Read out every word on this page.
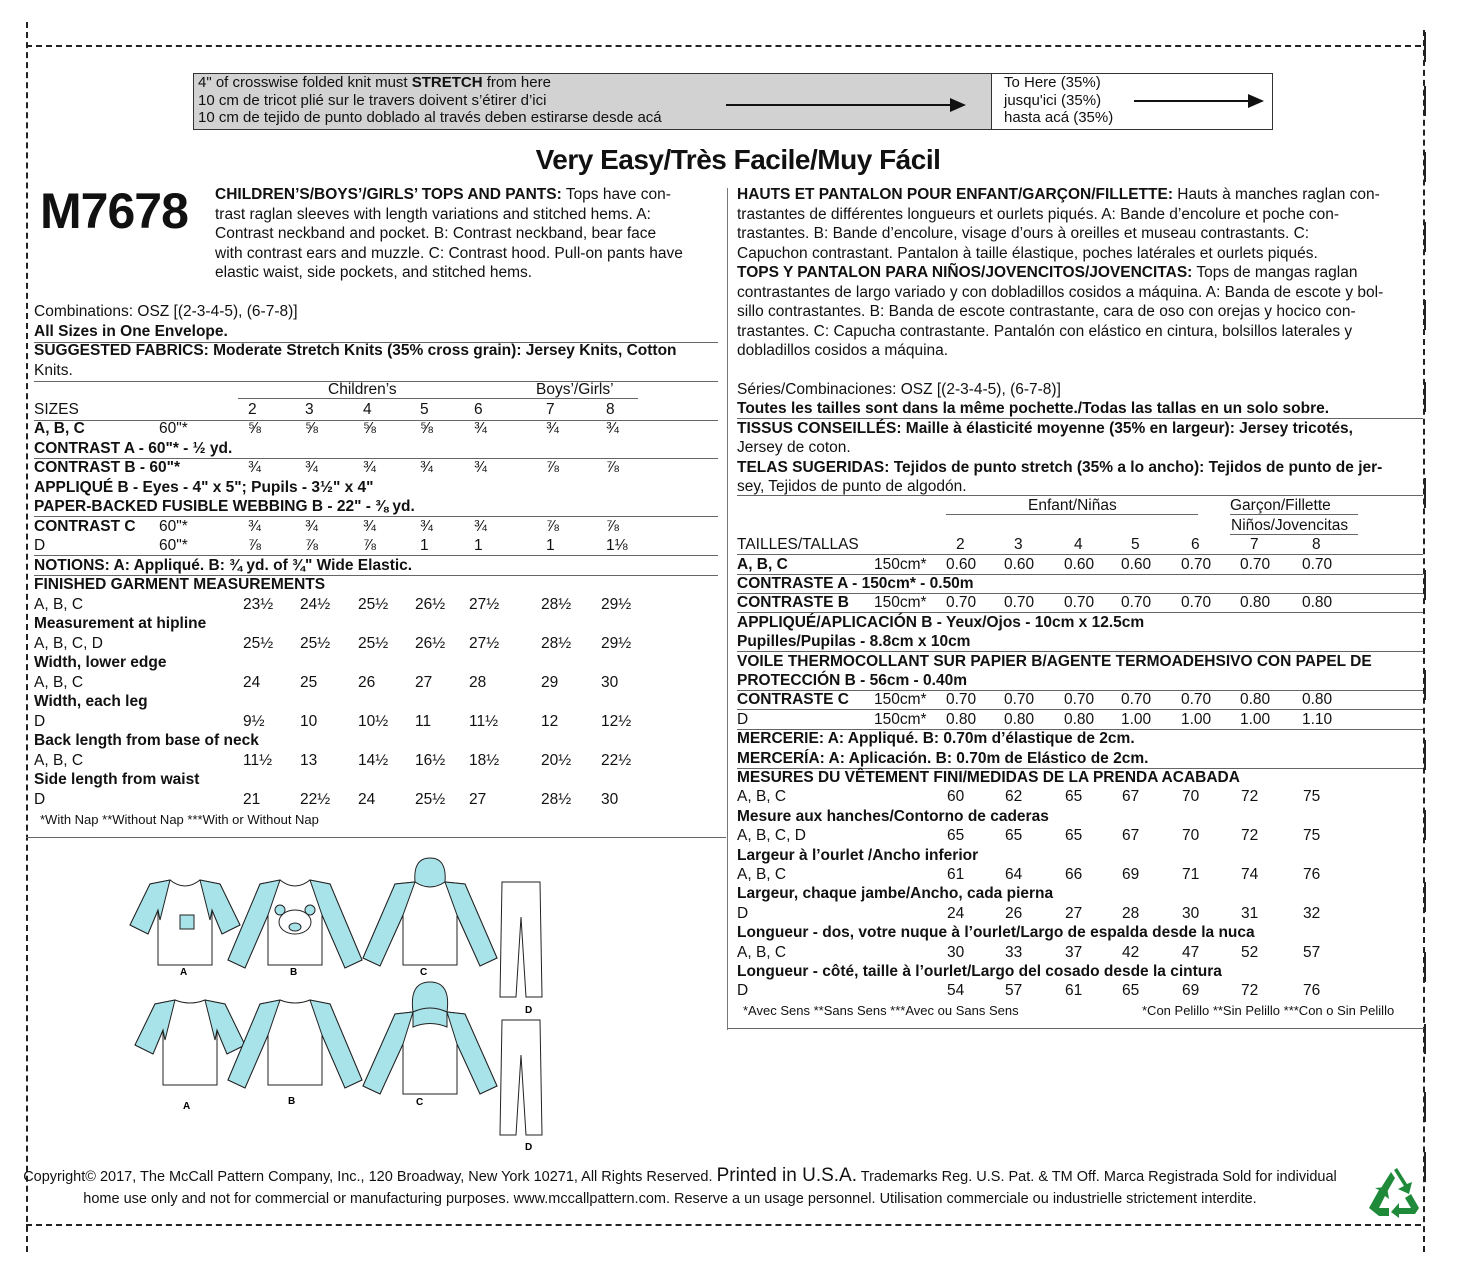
4" of crosswise folded knit must STRETCH from here
10 cm de tricot plié sur le travers doivent s’étirer d’ici
10 cm de tejido de punto doblado al través deben estirarse desde acá
To Here (35%)
jusqu'ici (35%)
hasta acá (35%)
Very Easy/Très Facile/Muy Fácil
M7678 CHILDREN’S/BOYS’/GIRLS’ TOPS AND PANTS: Tops have con-
trast raglan sleeves with length variations and stitched hems. A:
Contrast neckband and pocket. B: Contrast neckband, bear face
with contrast ears and muzzle. C: Contrast hood. Pull-on pants have
elastic waist, side pockets, and stitched hems.
Combinations: OSZ [(2-3-4-5), (6-7-8)]
All Sizes in One Envelope.
SUGGESTED FABRICS: Moderate Stretch Knits (35% cross grain): Jersey Knits, Cotton
Knits.
Children’s	Boys’/Girls’
SIZES	2	3	4	5	6	7	8
A, B, C	60"*	⅝	⅝	⅝	⅝	¾	¾	¾
CONTRAST A - 60"* - ½ yd.
CONTRAST B - 60"*	¾	¾	¾	¾	¾	⅞	⅞
APPLIQUÉ B - Eyes - 4" x 5"; Pupils - 3½" x 4"
PAPER-BACKED FUSIBLE WEBBING B - 22" - ⅜ yd.
CONTRAST C 60"*	¾	¾	¾	¾	¾	⅞	⅞
D	60"*	⅞	⅞	⅞	1	1	1	1⅛
NOTIONS: A: Appliqué. B: ¾ yd. of ¾" Wide Elastic.
FINISHED GARMENT MEASUREMENTS
A, B, C	23½ 24½ 25½ 26½ 27½	28½ 29½
Measurement at hipline
A, B, C, D	25½ 25½ 25½ 26½ 27½	28½ 29½
Width, lower edge
A, B, C	24	25	26	27 28	29	30
Width, each leg
D	9½ 10	10½ 11 11½	12	12½
Back length from base of neck
A, B, C	11½ 13	14½ 16½ 18½	20½ 22½
Side length from waist
D	21	22½ 24	25½ 27	28½ 30
*With Nap **Without Nap ***With or Without Nap
HAUTS ET PANTALON POUR ENFANT/GARÇON/FILLETTE: Hauts à manches raglan con-
trastantes de différentes longueurs et ourlets piqués. A: Bande d’encolure et poche con-
trastantes. B: Bande d’encolure, visage d’ours à oreilles et museau contrastants. C:
Capuchon contrastant. Pantalon à taille élastique, poches latérales et ourlets piqués.
TOPS Y PANTALON PARA NIÑOS/JOVENCITOS/JOVENCITAS: Tops de mangas raglan
contrastantes de largo variado y con dobladillos cosidos a máquina. A: Banda de escote y bol-
sillo contrastantes. B: Banda de escote contrastante, cara de oso con orejas y hocico con-
trastantes. C: Capucha contrastante. Pantalón con elástico en cintura, bolsillos laterales y
dobladillos cosidos a máquina.
Séries/Combinaciones: OSZ [(2-3-4-5), (6-7-8)]
Toutes les tailles sont dans la même pochette./Todas las tallas en un solo sobre.
TISSUS CONSEILLÉS: Maille à élasticité moyenne (35% en largeur): Jersey tricotés,
Jersey de coton.
TELAS SUGERIDAS: Tejidos de punto stretch (35% a lo ancho): Tejidos de punto de jer-
sey, Tejidos de punto de algodón.
Enfant/Niñas	Garçon/Fillette
Niños/Jovencitas
TAILLES/TALLAS	2	3	4	5	6	7	8
A, B, C	150cm* 0.60 0.60 0.60 0.60 0.70 0.70 0.70
CONTRASTE A - 150cm* - 0.50m
CONTRASTE B 150cm* 0.70 0.70 0.70 0.70 0.70 0.80 0.80
APPLIQUÉ/APLICACIÓN B - Yeux/Ojos - 10cm x 12.5cm
Pupilles/Pupilas - 8.8cm x 10cm
VOILE THERMOCOLLANT SUR PAPIER B/AGENTE TERMOADEHSIVO CON PAPEL DE
PROTECCIÓN B - 56cm - 0.40m
CONTRASTE C 150cm* 0.70 0.70 0.70 0.70 0.70 0.80 0.80
D	150cm* 0.80 0.80 0.80 1.00 1.00 1.00 1.10
MERCERIE: A: Appliqué. B: 0.70m d’élastique de 2cm.
MERCERÍA: A: Aplicación. B: 0.70m de Elástico de 2cm.
MESURES DU VÊTEMENT FINI/MEDIDAS DE LA PRENDA ACABADA
A, B, C	60	62	65	67	70	72	75
Mesure aux hanches/Contorno de caderas
A, B, C, D	65	65	65	67	70	72	75
Largeur à l’ourlet /Ancho inferior
A, B, C	61	64	66	69	71	74	76
Largeur, chaque jambe/Ancho, cada pierna
D	24	26	27	28	30	31	32
Longueur - dos, votre nuque à l’ourlet/Largo de espalda desde la nuca
A, B, C	30	33	37	42	47	52	57
Longueur - côté, taille à l’ourlet/Largo del cosado desde la cintura
D	54	57	61	65	69	72	76
*Avec Sens **Sans Sens ***Avec ou Sans Sens	*Con Pelillo **Sin Pelillo ***Con o Sin Pelillo
A	B	C
D
A	B	C
D
Copyright© 2017, The McCall Pattern Company, Inc., 120 Broadway, New York 10271, All Rights Reserved. Printed in U.S.A. Trademarks Reg. U.S. Pat. & TM Off. Marca Registrada Sold for individual
home use only and not for commercial or manufacturing purposes. www.mccallpattern.com. Reserve a un usage personnel. Utilisation commerciale ou industrielle strictement interdite.
